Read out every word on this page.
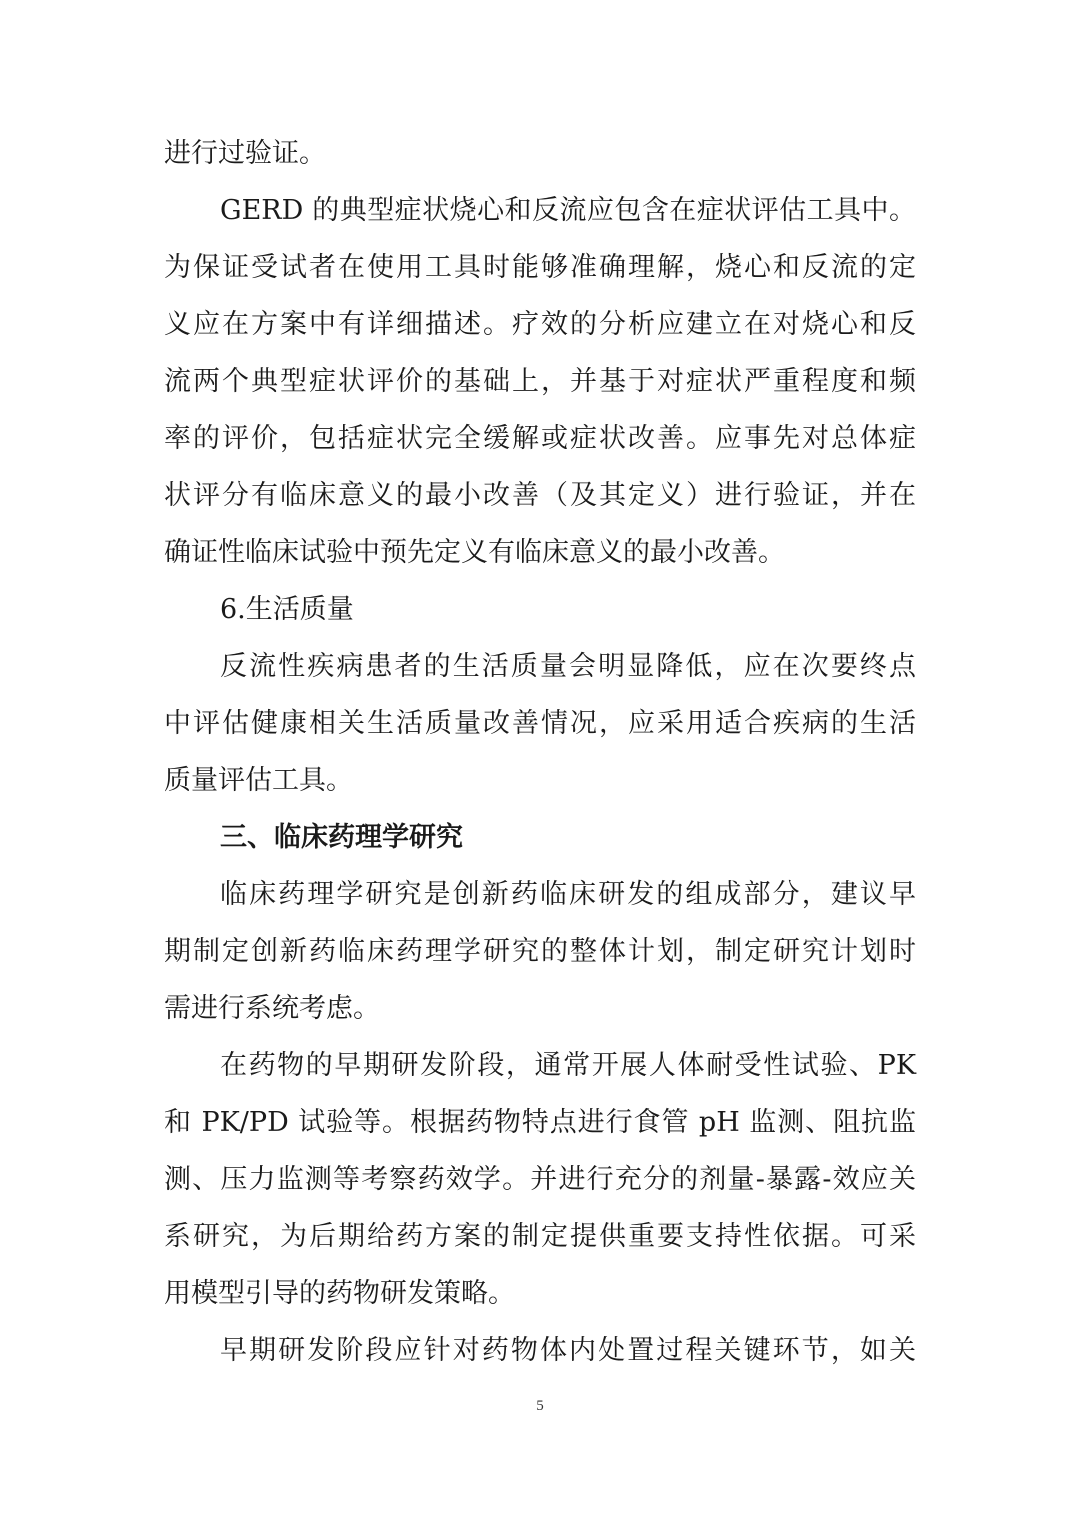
进行过验证。
GERD 的典型症状烧心和反流应包含在症状评估工具中。
为保证受试者在使用工具时能够准确理解，烧心和反流的定
义应在方案中有详细描述。疗效的分析应建立在对烧心和反
流两个典型症状评价的基础上，并基于对症状严重程度和频
率的评价，包括症状完全缓解或症状改善。应事先对总体症
状评分有临床意义的最小改善（及其定义）进行验证，并在
确证性临床试验中预先定义有临床意义的最小改善。
6.生活质量
反流性疾病患者的生活质量会明显降低，应在次要终点
中评估健康相关生活质量改善情况，应采用适合疾病的生活
质量评估工具。
三、临床药理学研究
临床药理学研究是创新药临床研发的组成部分，建议早
期制定创新药临床药理学研究的整体计划，制定研究计划时
需进行系统考虑。
在药物的早期研发阶段，通常开展人体耐受性试验、PK
和 PK/PD 试验等。根据药物特点进行食管 pH 监测、阻抗监
测、压力监测等考察药效学。并进行充分的剂量-暴露-效应关
系研究，为后期给药方案的制定提供重要支持性依据。可采
用模型引导的药物研发策略。
早期研发阶段应针对药物体内处置过程关键环节，如关
5
